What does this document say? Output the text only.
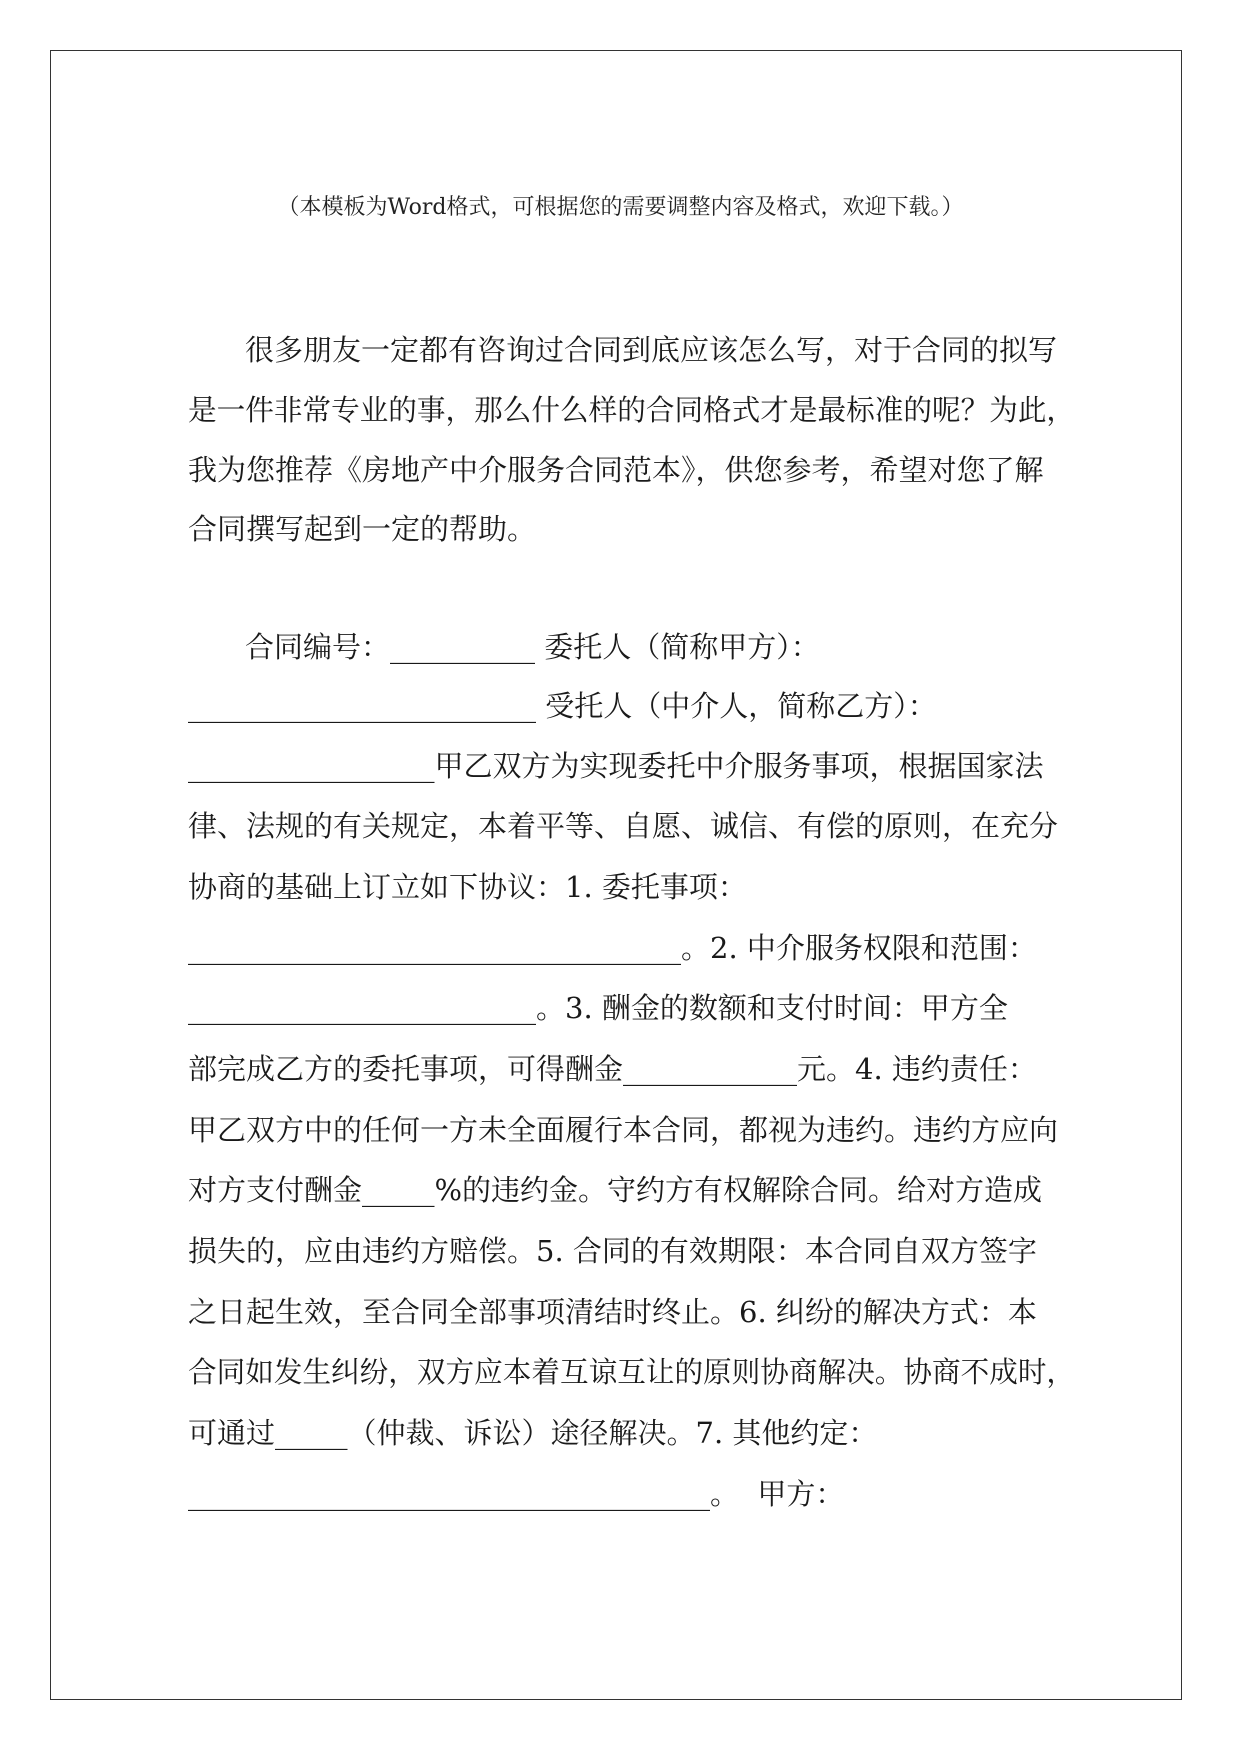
（本模板为Word格式，可根据您的需要调整内容及格式，欢迎下载。）
很多朋友一定都有咨询过合同到底应该怎么写，对于合同的拟写
是一件非常专业的事，那么什么样的合同格式才是最标准的呢？为此，
我为您推荐《房地产中介服务合同范本》，供您参考，希望对您了解
合同撰写起到一定的帮助。
合同编号：__________ 委托人（简称甲方）：
________________________ 受托人（中介人，简称乙方）：
_________________甲乙双方为实现委托中介服务事项，根据国家法
律、法规的有关规定，本着平等、自愿、诚信、有偿的原则，在充分
协商的基础上订立如下协议：1. 委托事项：
__________________________________。2. 中介服务权限和范围：
________________________。3. 酬金的数额和支付时间：甲方全
部完成乙方的委托事项，可得酬金____________元。4. 违约责任：
甲乙双方中的任何一方未全面履行本合同，都视为违约。违约方应向
对方支付酬金_____%的违约金。守约方有权解除合同。给对方造成
损失的，应由违约方赔偿。5. 合同的有效期限：本合同自双方签字
之日起生效，至合同全部事项清结时终止。6. 纠纷的解决方式：本
合同如发生纠纷，双方应本着互谅互让的原则协商解决。协商不成时，
可通过_____（仲裁、诉讼）途径解决。7. 其他约定：
____________________________________。  甲方：
